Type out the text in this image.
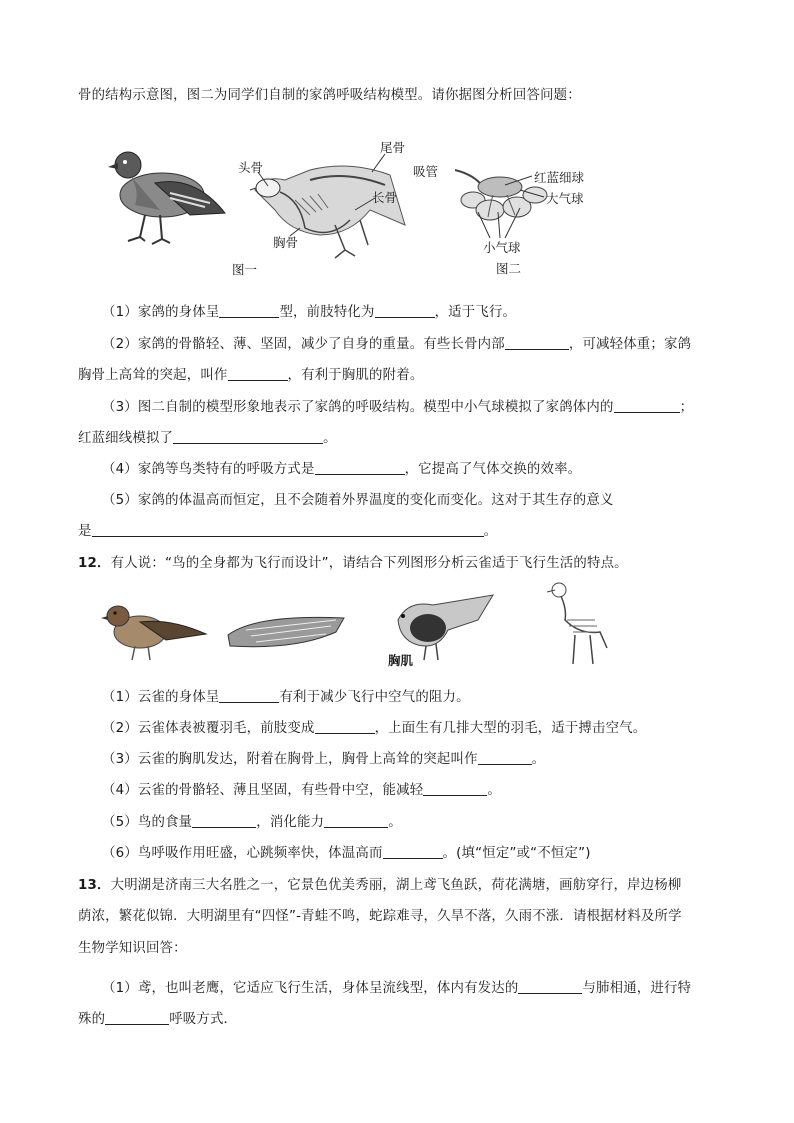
骨的结构示意图，图二为同学们自制的家鸽呼吸结构模型。请你据图分析回答问题：
头骨
尾骨
长骨
胸骨
图一
吸管	红蓝细球
大气球
小气球
图二
（1）家鸽的身体呈	型，前肢特化为	，适于飞行。
（2）家鸽的骨骼轻、薄、坚固，减少了自身的重量。有些长骨内部	，可减轻体重；家鸽
胸骨上高耸的突起，叫作	，有利于胸肌的附着。
（3）图二自制的模型形象地表示了家鸽的呼吸结构。模型中小气球模拟了家鸽体内的	；
红蓝细线模拟了	。
（4）家鸽等鸟类特有的呼吸方式是	，它提高了气体交换的效率。
（5）家鸽的体温高而恒定，且不会随着外界温度的变化而变化。这对于其生存的意义
是	。
12．有人说：“鸟的全身都为飞行而设计”，请结合下列图形分析云雀适于飞行生活的特点。
胸肌
（1）云雀的身体呈	有利于减少飞行中空气的阻力。
（2）云雀体表被覆羽毛，前肢变成	，上面生有几排大型的羽毛，适于搏击空气。
（3）云雀的胸肌发达，附着在胸骨上，胸骨上高耸的突起叫作	。
（4）云雀的骨骼轻、薄且坚固，有些骨中空，能减轻	。
（5）鸟的食量	，消化能力	。
（6）鸟呼吸作用旺盛，心跳频率快，体温高而	。(填“恒定”或“不恒定”)
13．大明湖是济南三大名胜之一，它景色优美秀丽，湖上鸢飞鱼跃，荷花满塘，画舫穿行，岸边杨柳
荫浓，繁花似锦．大明湖里有“四怪”-青蛙不鸣，蛇踪难寻，久旱不落，久雨不涨．请根据材料及所学
生物学知识回答：
（1）鸢，也叫老鹰，它适应飞行生活，身体呈流线型，体内有发达的	与肺相通，进行特
殊的	呼吸方式．
